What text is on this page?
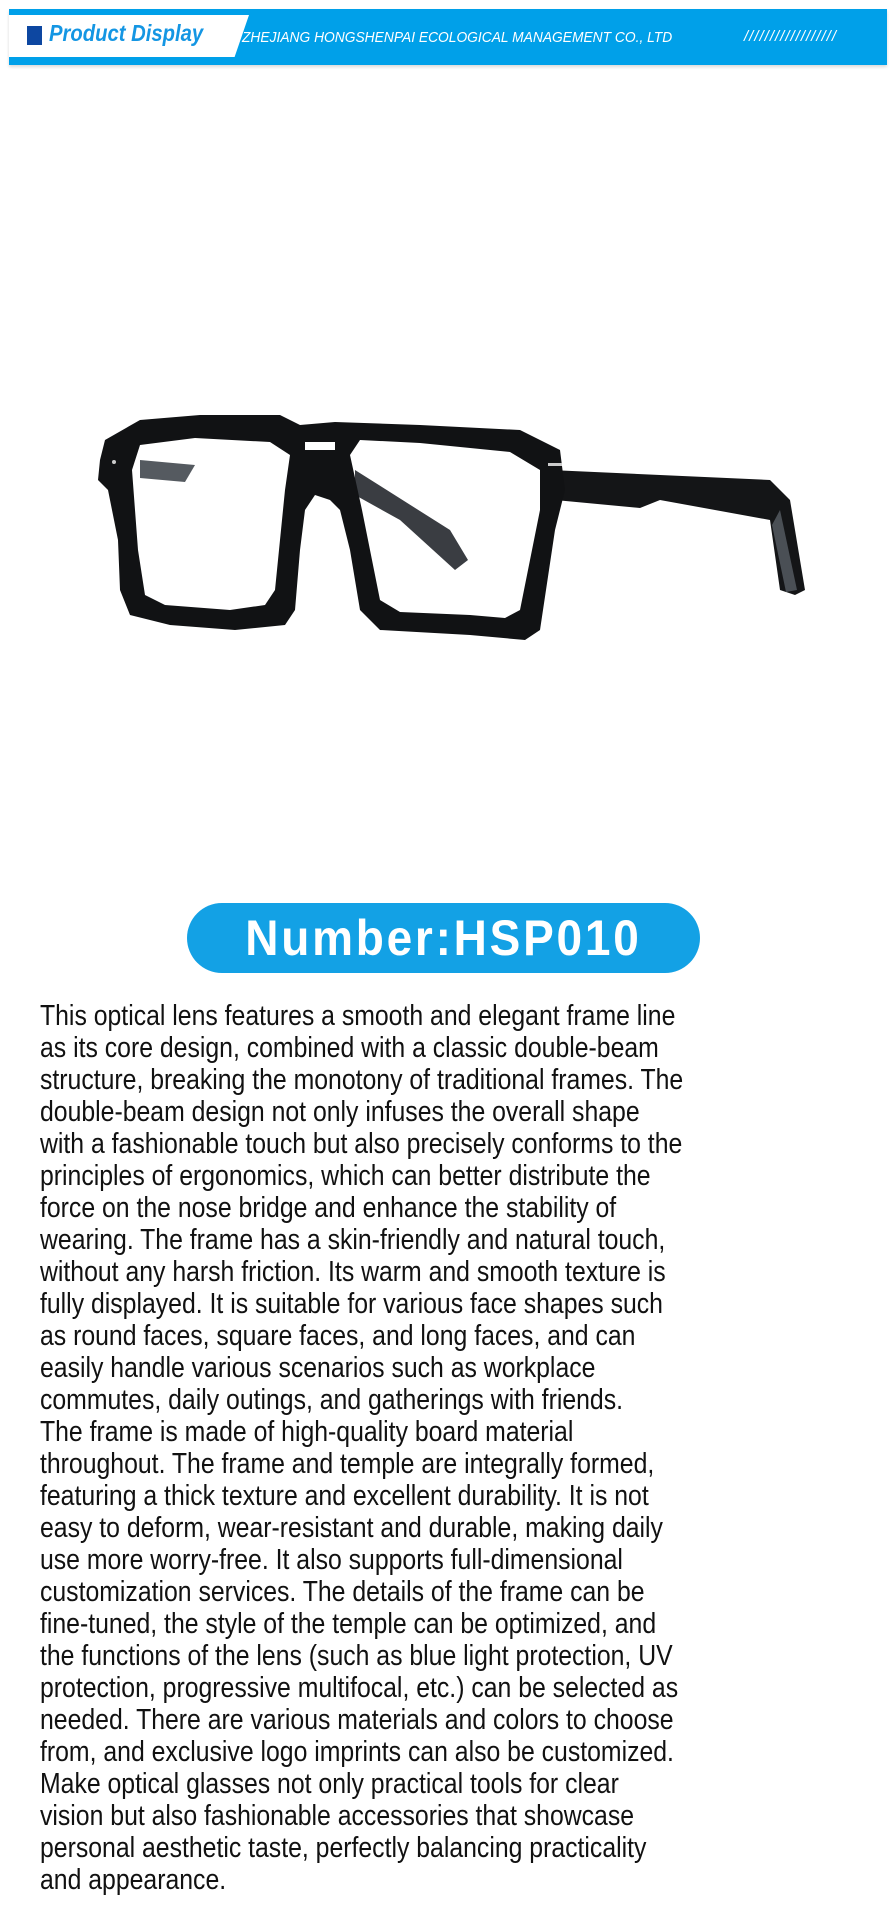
Product Display	ZHEJIANG HONGSHENPAI ECOLOGICAL MANAGEMENT CO., LTD	//////////////////
Number:HSP010
This optical lens features a smooth and elegant frame line
as its core design, combined with a classic double-beam
structure, breaking the monotony of traditional frames. The
double-beam design not only infuses the overall shape
with a fashionable touch but also precisely conforms to the
principles of ergonomics, which can better distribute the
force on the nose bridge and enhance the stability of
wearing. The frame has a skin-friendly and natural touch,
without any harsh friction. Its warm and smooth texture is
fully displayed. It is suitable for various face shapes such
as round faces, square faces, and long faces, and can
easily handle various scenarios such as workplace
commutes, daily outings, and gatherings with friends.
The frame is made of high-quality board material
throughout. The frame and temple are integrally formed,
featuring a thick texture and excellent durability. It is not
easy to deform, wear-resistant and durable, making daily
use more worry-free. It also supports full-dimensional
customization services. The details of the frame can be
fine-tuned, the style of the temple can be optimized, and
the functions of the lens (such as blue light protection, UV
protection, progressive multifocal, etc.) can be selected as
needed. There are various materials and colors to choose
from, and exclusive logo imprints can also be customized.
Make optical glasses not only practical tools for clear
vision but also fashionable accessories that showcase
personal aesthetic taste, perfectly balancing practicality
and appearance.
